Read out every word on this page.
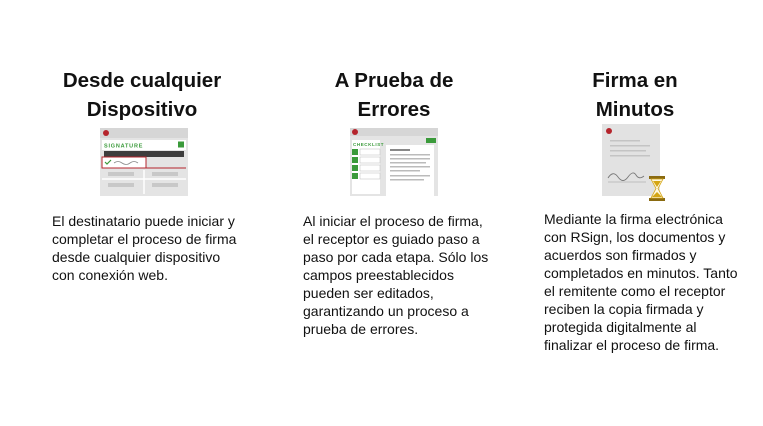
Desde cualquier
Dispositivo
SIGNATURE
El destinatario puede iniciar y
completar el proceso de firma
desde cualquier dispositivo
con conexión web.
A Prueba de
Errores
CHECKLIST
Al iniciar el proceso de firma,
el receptor es guiado paso a
paso por cada etapa. Sólo los
campos preestablecidos
pueden ser editados,
garantizando un proceso a
prueba de errores.
Firma en
Minutos
Mediante la firma electrónica
con RSign, los documentos y
acuerdos son firmados y
completados en minutos. Tanto
el remitente como el receptor
reciben la copia firmada y
protegida digitalmente al
finalizar el proceso de firma.
